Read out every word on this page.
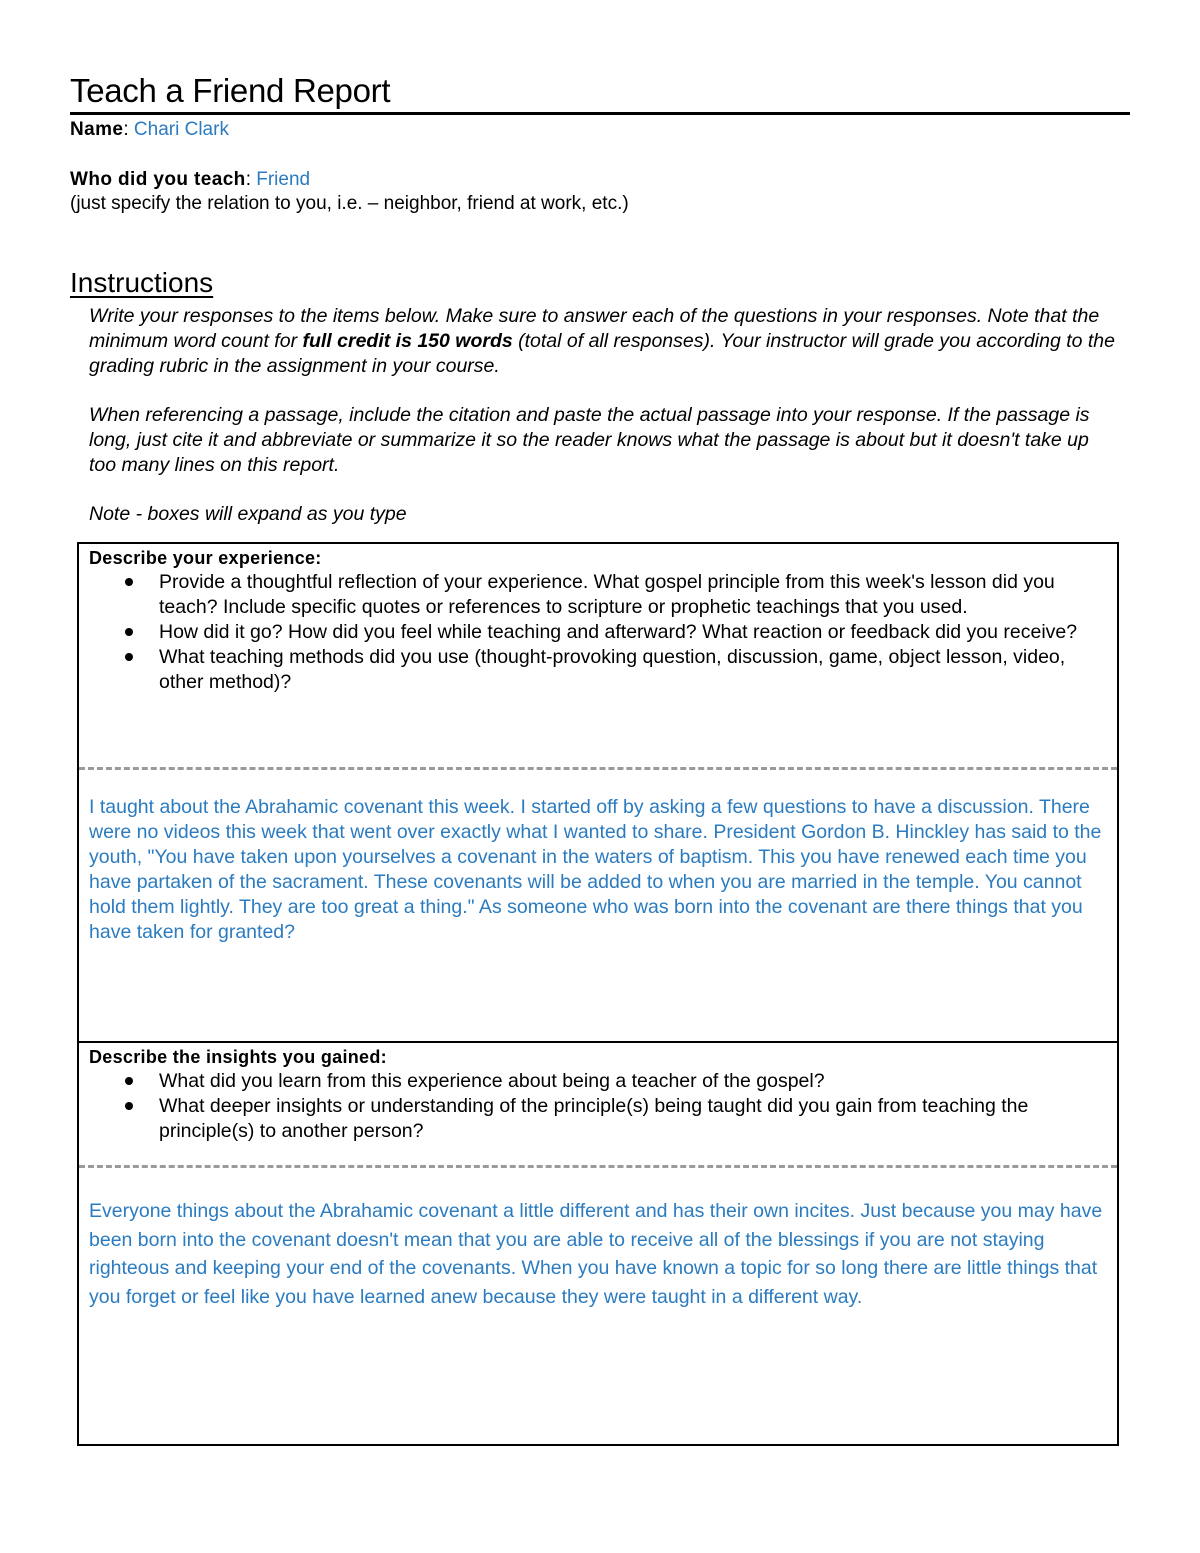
Teach a Friend Report
Name: Chari Clark
Who did you teach: Friend
(just specify the relation to you, i.e. – neighbor, friend at work, etc.)
Instructions

Write your responses to the items below. Make sure to answer each of the questions in your responses. Note that the minimum word count for full credit is 150 words (total of all responses). Your instructor will grade you according to the grading rubric in the assignment in your course.

When referencing a passage, include the citation and paste the actual passage into your response. If the passage is long, just cite it and abbreviate or summarize it so the reader knows what the passage is about but it doesn't take up too many lines on this report.

Note - boxes will expand as you type

Describe your experience:
Provide a thoughtful reflection of your experience. What gospel principle from this week's lesson did you teach? Include specific quotes or references to scripture or prophetic teachings that you used.
How did it go? How did you feel while teaching and afterward? What reaction or feedback did you receive?
What teaching methods did you use (thought-provoking question, discussion, game, object lesson, video, other method)?

I taught about the Abrahamic covenant this week. I started off by asking a few questions to have a discussion. There were no videos this week that went over exactly what I wanted to share. President Gordon B. Hinckley has said to the youth, "You have taken upon yourselves a covenant in the waters of baptism. This you have renewed each time you have partaken of the sacrament. These covenants will be added to when you are married in the temple. You cannot hold them lightly. They are too great a thing." As someone who was born into the covenant are there things that you have taken for granted?

Describe the insights you gained:
What did you learn from this experience about being a teacher of the gospel?
What deeper insights or understanding of the principle(s) being taught did you gain from teaching the principle(s) to another person?

Everyone things about the Abrahamic covenant a little different and has their own incites. Just because you may have been born into the covenant doesn't mean that you are able to receive all of the blessings if you are not staying righteous and keeping your end of the covenants. When you have known a topic for so long there are little things that you forget or feel like you have learned anew because they were taught in a different way.
